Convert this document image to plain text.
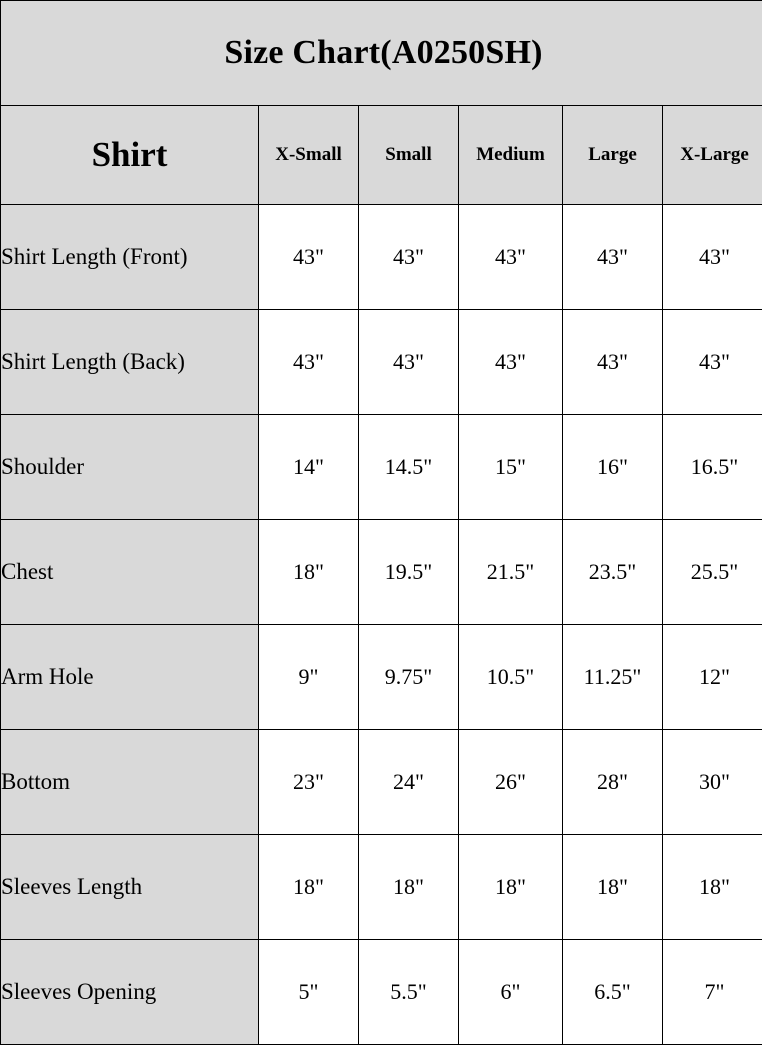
Size Chart(A0250SH)					
Shirt	X-Small	Small	Medium	Large	X-Large
Shirt Length (Front)	43"	43"	43"	43"	43"
Shirt Length (Back)	43"	43"	43"	43"	43"
Shoulder	14"	14.5"	15"	16"	16.5"
Chest	18"	19.5"	21.5"	23.5"	25.5"
Arm Hole	9"	9.75"	10.5"	11.25"	12"
Bottom	23"	24"	26"	28"	30"
Sleeves Length	18"	18"	18"	18"	18"
Sleeves Opening	5"	5.5"	6"	6.5"	7"
